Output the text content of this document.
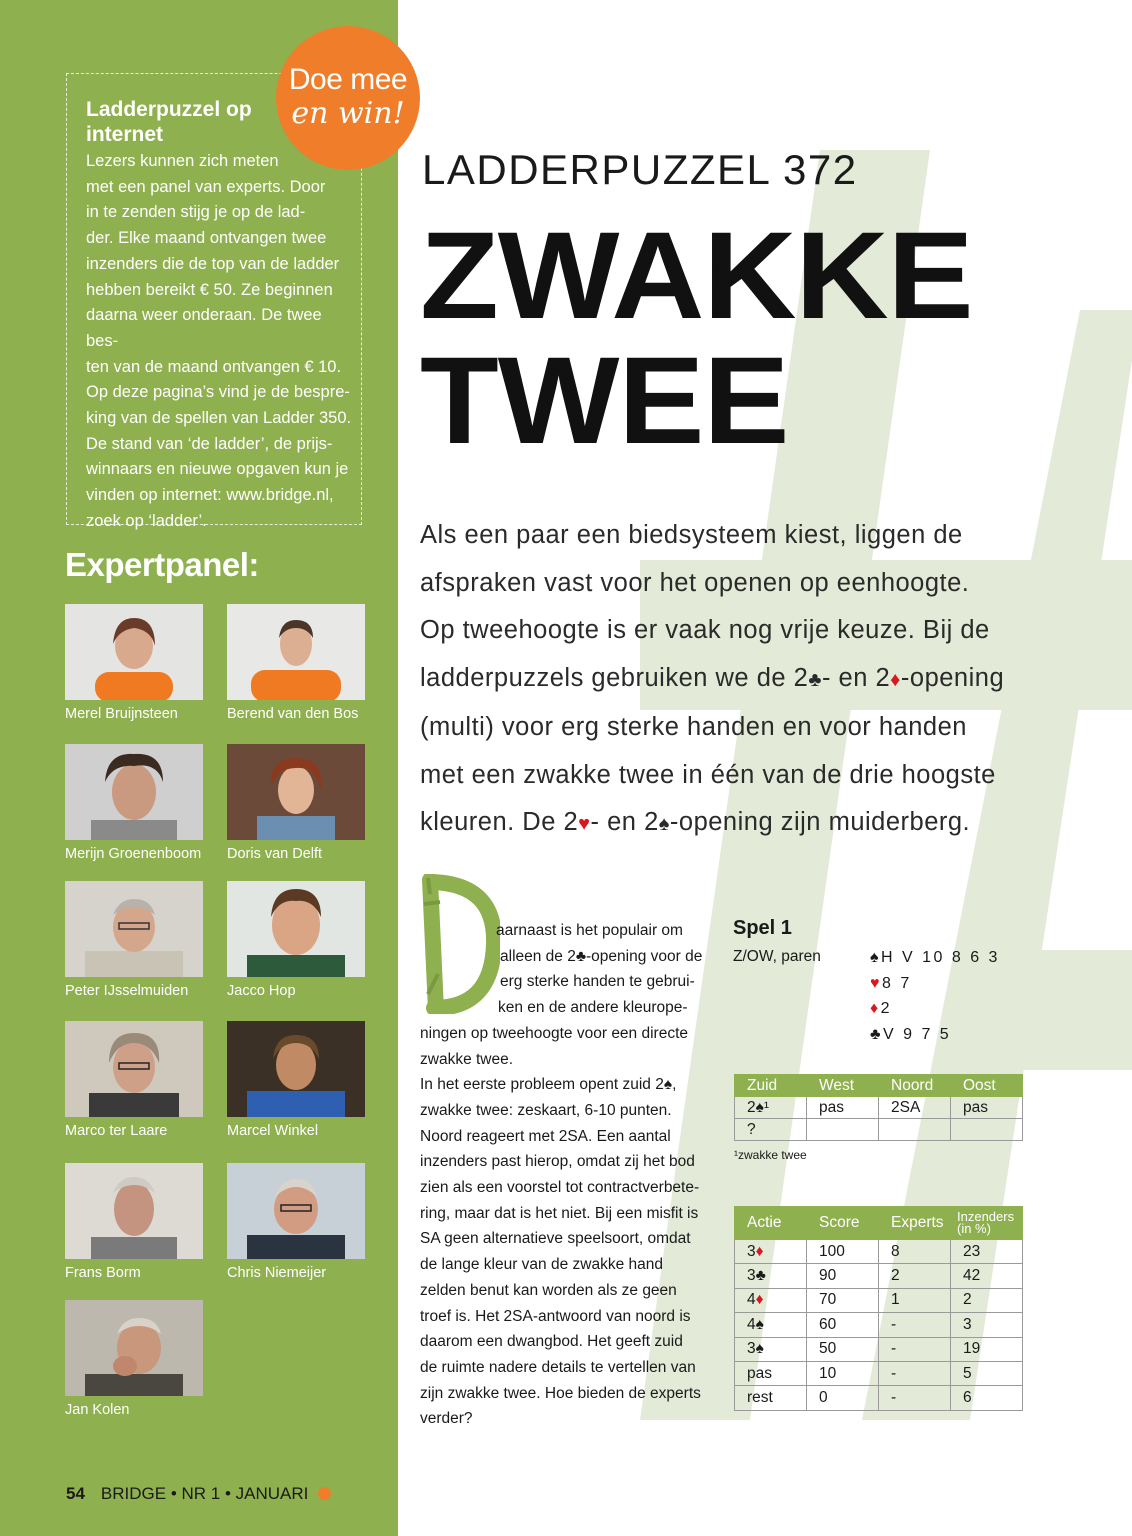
Ladderpuzzel op internet
Lezers kunnen zich meten
met een panel van experts. Door
in te zenden stijg je op de lad-
der. Elke maand ontvangen twee
inzenders die de top van de ladder
hebben bereikt € 50. Ze beginnen
daarna weer onderaan. De twee bes-
ten van de maand ontvangen € 10.
Op deze pagina’s vind je de bespre-
king van de spellen van Ladder 350.
De stand van ‘de ladder’, de prijs-
winnaars en nieuwe opgaven kun je
vinden op internet: www.bridge.nl,
zoek op ‘ladder’.
Doe mee
en win!
Expertpanel:
Merel Bruijnsteen	Berend van den Bos
Merijn Groenenboom Doris van Delft
Peter IJsselmuiden	Jacco Hop
Marco ter Laare	Marcel Winkel
Frans Borm	Chris Niemeijer
Jan Kolen
54 BRIDGE • NR 1 • JANUARI
LADDERPUZZEL 372
ZWAKKE
TWEE
Als een paar een biedsysteem kiest, liggen de
afspraken vast voor het openen op eenhoogte.
Op tweehoogte is er vaak nog vrije keuze. Bij de
ladderpuzzels gebruiken we de 2♣- en 2♦-opening
(multi) voor erg sterke handen en voor handen
met een zwakke twee in één van de drie hoogste
kleuren. De 2♥- en 2♠-opening zijn muiderberg.
D	aarnaast is het populair om
alleen de 2♣-opening voor de
erg sterke handen te gebrui-
ken en de andere kleurope-
ningen op tweehoogte voor een directe
zwakke twee.
In het eerste probleem opent zuid 2♠,
zwakke twee: zeskaart, 6-10 punten.
Noord reageert met 2SA. Een aantal
inzenders past hierop, omdat zij het bod
zien als een voorstel tot contractverbete-
ring, maar dat is het niet. Bij een misfit is
SA geen alternatieve speelsoort, omdat
de lange kleur van de zwakke hand
zelden benut kan worden als ze geen
troef is. Het 2SA-antwoord van noord is
daarom een dwangbod. Het geeft zuid
de ruimte nadere details te vertellen van
zijn zwakke twee. Hoe bieden de experts
verder?
Spel 1
Z/OW, paren	♠H V 10 8 6 3
♥8 7
♦2
♣V 9 7 5
Zuid	West	Noord	Oost
2♠¹	pas	2SA	pas
?			
¹zwakke twee
Actie	Score	Experts	Inzenders
(in %)

3♦	100	8	23
3♣	90	2	42
4♦	70	1	2
4♠	60	-	3
3♠	50	-	19
pas	10	-	5
rest	0	-	6
